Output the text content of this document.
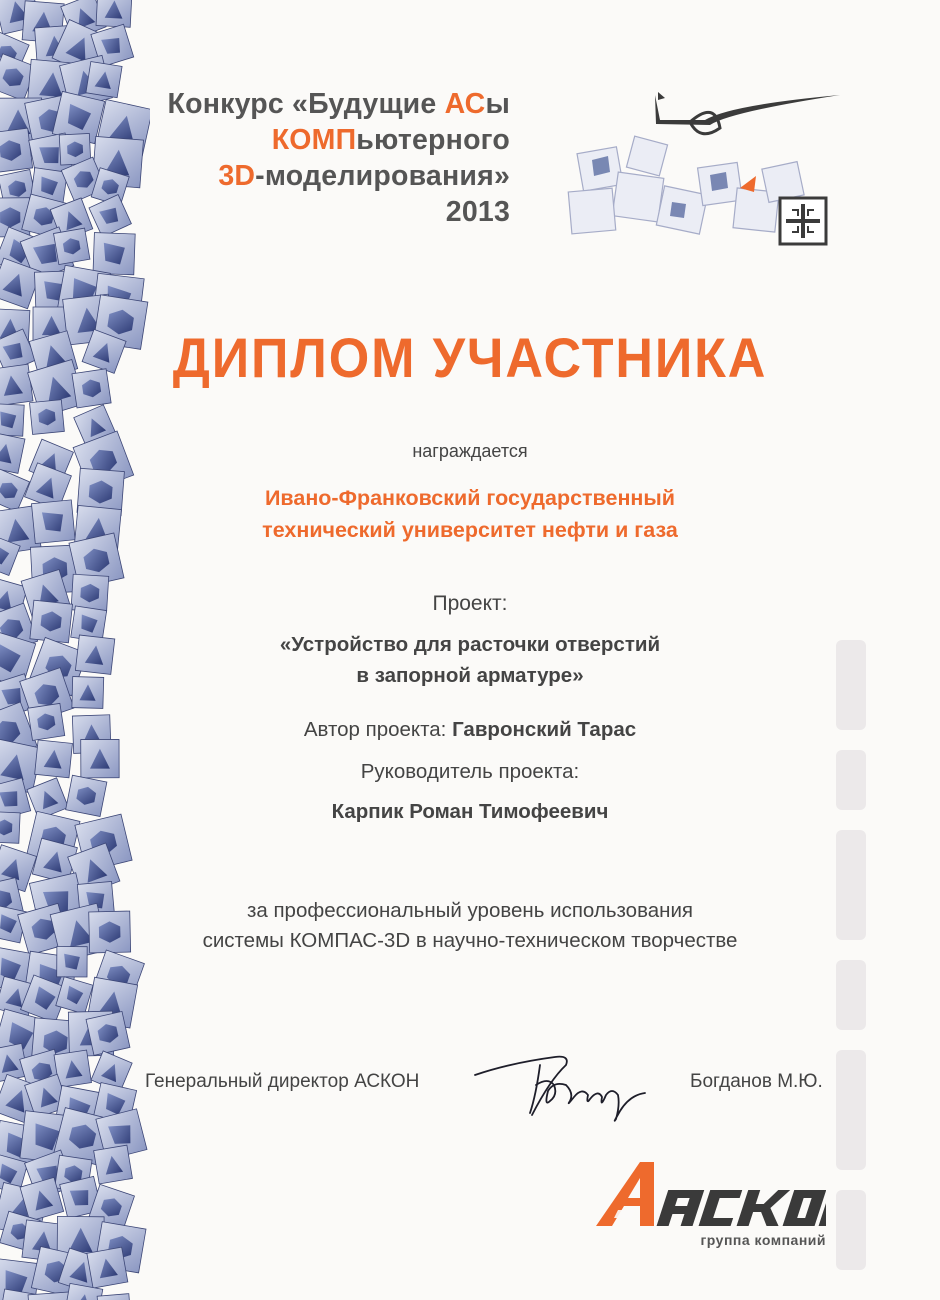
Конкурс «Будущие АСы
КОМПьютерного
3D-моделирования»
2013
ДИПЛОМ УЧАСТНИКА
награждается
Ивано-Франковский государственный
технический университет нефти и газа
Проект:
«Устройство для расточки отверстий
в запорной арматуре»
Автор проекта: Гавронский Тарас
Руководитель проекта:
Карпик Роман Тимофеевич
за профессиональный уровень использования
системы КОМПАС-3D в научно-техническом творчестве
Генеральный директор АСКОН	Богданов М.Ю.
группа компаний
